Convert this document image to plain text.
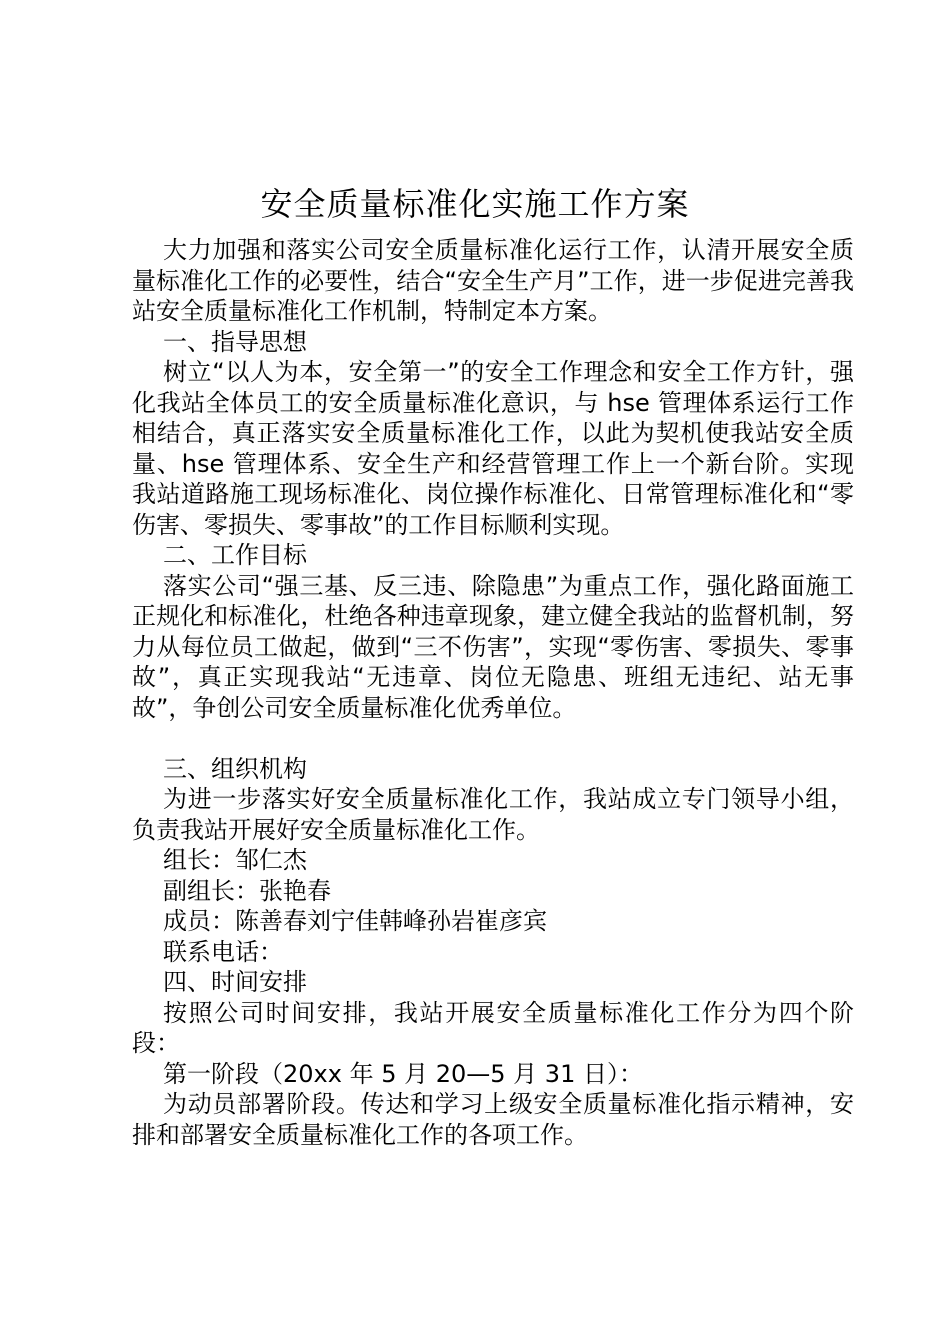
安全质量标准化实施工作方案

大力加强和落实公司安全质量标准化运行工作，认清开展安全质量标准化工作的必要性，结合“安全生产月”工作，进一步促进完善我站安全质量标准化工作机制，特制定本方案。

一、指导思想

树立“以人为本，安全第一”的安全工作理念和安全工作方针，强化我站全体员工的安全质量标准化意识，与 hse 管理体系运行工作相结合，真正落实安全质量标准化工作，以此为契机使我站安全质量、hse 管理体系、安全生产和经营管理工作上一个新台阶。实现我站道路施工现场标准化、岗位操作标准化、日常管理标准化和“零伤害、零损失、零事故”的工作目标顺利实现。

二、工作目标

落实公司“强三基、反三违、除隐患”为重点工作，强化路面施工正规化和标准化，杜绝各种违章现象，建立健全我站的监督机制，努力从每位员工做起，做到“三不伤害”，实现“零伤害、零损失、零事故”，真正实现我站“无违章、岗位无隐患、班组无违纪、站无事故”，争创公司安全质量标准化优秀单位。

三、组织机构

为进一步落实好安全质量标准化工作，我站成立专门领导小组，负责我站开展好安全质量标准化工作。

组长：邹仁杰

副组长：张艳春

成员：陈善春刘宁佳韩峰孙岩崔彦宾

联系电话：

四、时间安排

按照公司时间安排，我站开展安全质量标准化工作分为四个阶段：

第一阶段（20xx 年 5 月 20—5 月 31 日）：

为动员部署阶段。传达和学习上级安全质量标准化指示精神，安排和部署安全质量标准化工作的各项工作。
